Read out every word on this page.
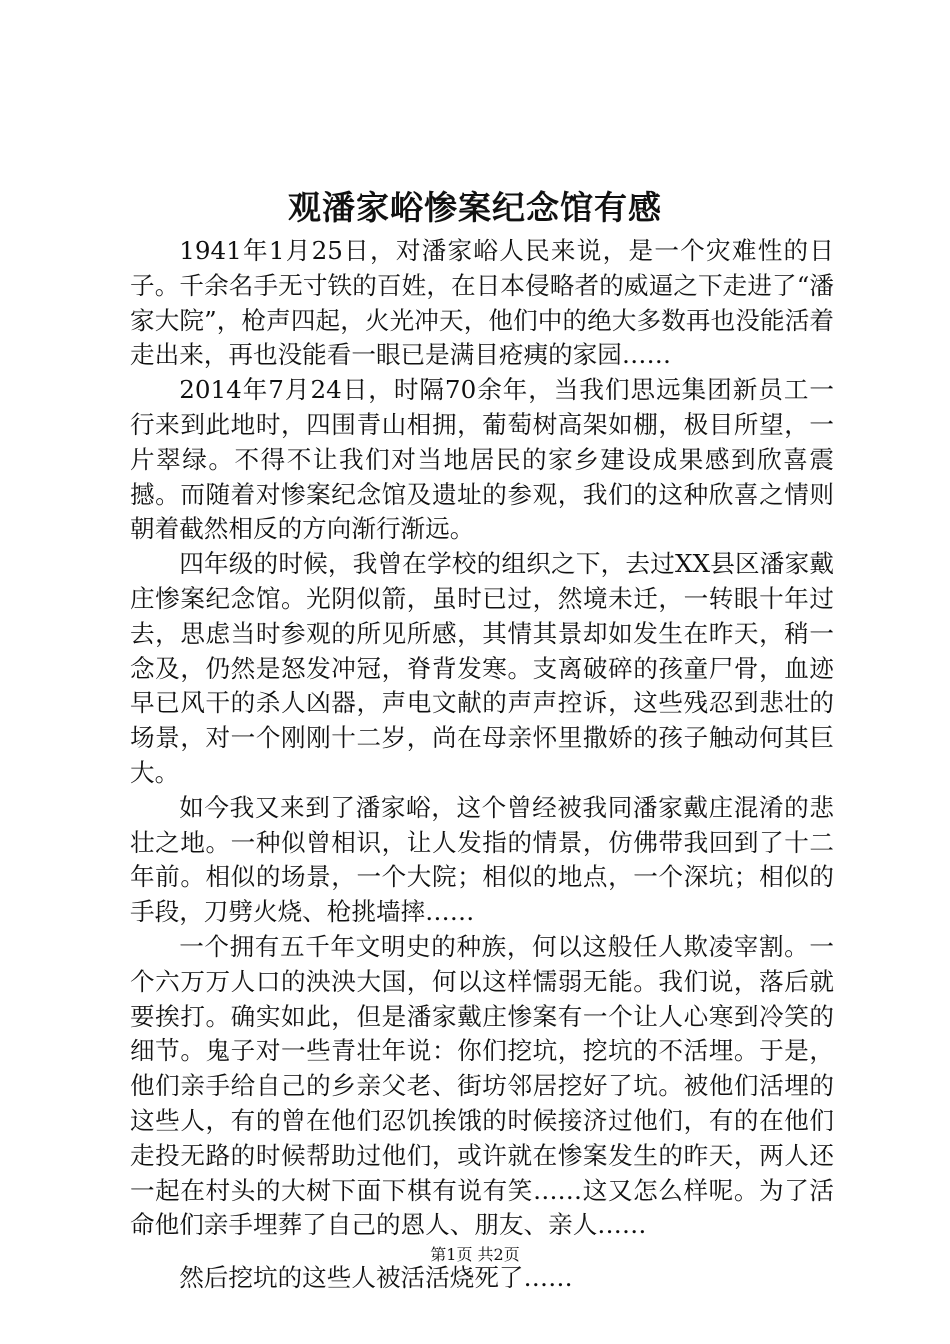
观潘家峪惨案纪念馆有感

1941年1月25日，对潘家峪人民来说，是一个灾难性的日子。千余名手无寸铁的百姓，在日本侵略者的威逼之下走进了“潘家大院”，枪声四起，火光冲天，他们中的绝大多数再也没能活着走出来，再也没能看一眼已是满目疮痍的家园……

2014年7月24日，时隔70余年，当我们思远集团新员工一行来到此地时，四围青山相拥，葡萄树高架如棚，极目所望，一片翠绿。不得不让我们对当地居民的家乡建设成果感到欣喜震撼。而随着对惨案纪念馆及遗址的参观，我们的这种欣喜之情则朝着截然相反的方向渐行渐远。

四年级的时候，我曾在学校的组织之下，去过XX县区潘家戴庄惨案纪念馆。光阴似箭，虽时已过，然境未迁，一转眼十年过去，思虑当时参观的所见所感，其情其景却如发生在昨天，稍一念及，仍然是怒发冲冠，脊背发寒。支离破碎的孩童尸骨，血迹早已风干的杀人凶器，声电文献的声声控诉，这些残忍到悲壮的场景，对一个刚刚十二岁，尚在母亲怀里撒娇的孩子触动何其巨大。

如今我又来到了潘家峪，这个曾经被我同潘家戴庄混淆的悲壮之地。一种似曾相识，让人发指的情景，仿佛带我回到了十二年前。相似的场景，一个大院；相似的地点，一个深坑；相似的手段，刀劈火烧、枪挑墙摔……

一个拥有五千年文明史的种族，何以这般任人欺凌宰割。一个六万万人口的泱泱大国，何以这样懦弱无能。我们说，落后就要挨打。确实如此，但是潘家戴庄惨案有一个让人心寒到冷笑的细节。鬼子对一些青壮年说：你们挖坑，挖坑的不活埋。于是，他们亲手给自己的乡亲父老、街坊邻居挖好了坑。被他们活埋的这些人，有的曾在他们忍饥挨饿的时候接济过他们，有的在他们走投无路的时候帮助过他们，或许就在惨案发生的昨天，两人还一起在村头的大树下面下棋有说有笑……这又怎么样呢。为了活命他们亲手埋葬了自己的恩人、朋友、亲人……

然后挖坑的这些人被活活烧死了……

第1页 共2页
